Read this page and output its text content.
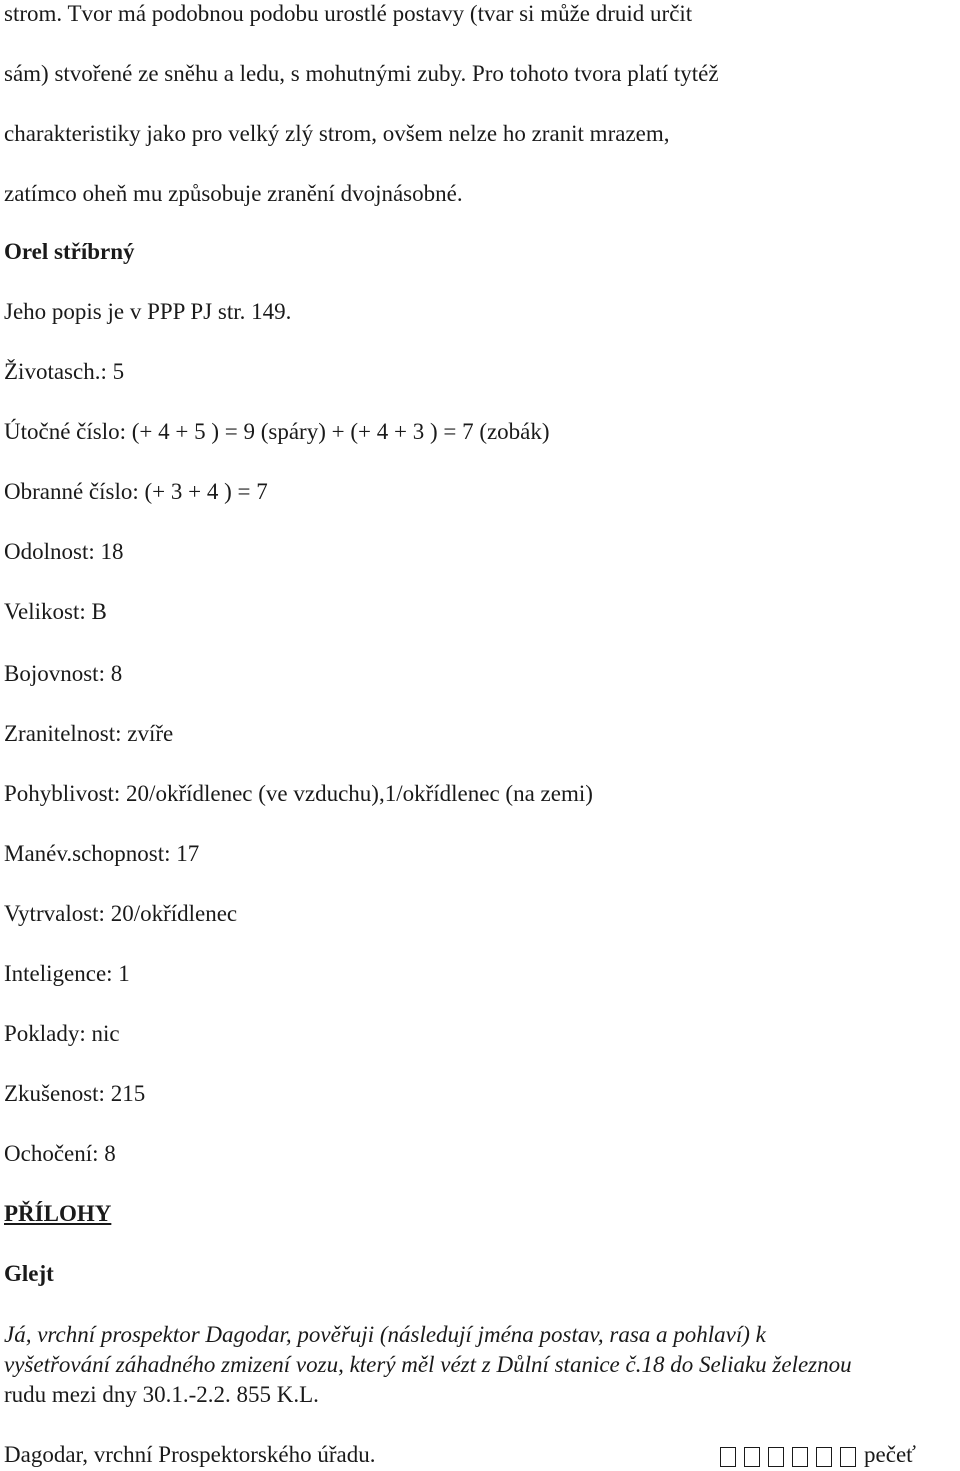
strom. Tvor má podobnou podobu urostlé postavy (tvar si může druid určit
sám) stvořené ze sněhu a ledu, s mohutnými zuby. Pro tohoto tvora platí tytéž
charakteristiky jako pro velký zlý strom, ovšem nelze ho zranit mrazem,
zatímco oheň mu způsobuje zranění dvojnásobné.
Orel stříbrný
Jeho popis je v PPP PJ str. 149.
Životasch.: 5
Útočné číslo: (+ 4 + 5 ) = 9 (spáry) + (+ 4 + 3 ) = 7 (zobák)
Obranné číslo: (+ 3 + 4 ) = 7
Odolnost: 18
Velikost: B
Bojovnost: 8
Zranitelnost: zvíře
Pohyblivost: 20/okřídlenec (ve vzduchu),1/okřídlenec (na zemi)
Manév.schopnost: 17
Vytrvalost: 20/okřídlenec
Inteligence: 1
Poklady: nic
Zkušenost: 215
Ochočení: 8
PŘÍLOHY
Glejt
Já, vrchní prospektor Dagodar, pověřuji (následují jména postav, rasa a pohlaví) k
vyšetřování záhadného zmizení vozu, který měl vézt z Důlní stanice č.18 do Seliaku železnou
rudu mezi dny 30.1.-2.2. 855 K.L.
Dagodar, vrchní Prospektorského úřadu.	pečeť
